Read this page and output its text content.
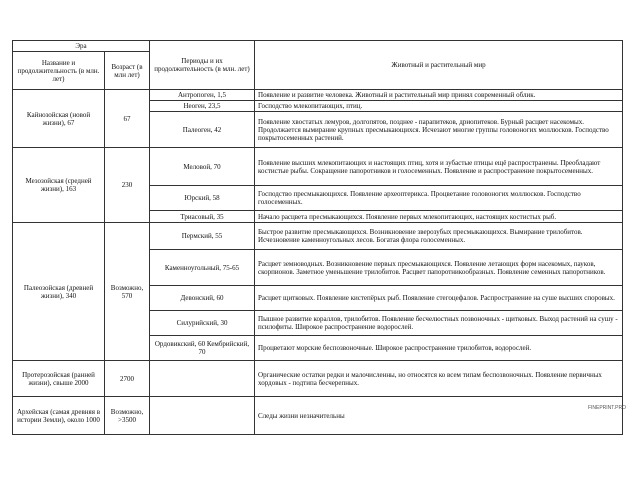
Эра		Периоды и их продолжительность (в млн. лет)	Животный и растительный мир
Название и продолжительность (в млн. лет)	Возраст (в млн лет)		
Кайнозойская (новой жизни), 67	67	Антропоген, 1,5	Появление и развитие человека. Животный и растительный мир принял современный облик.
		Неоген, 23,5	Господство млекопитающих, птиц.
		Палеоген, 42	Появление хвостатых лемуров, долгопятов, позднее - парапитеков, дриопитеков. Бурный расцвет насекомых. Продолжается вымирание крупных пресмыкающихся. Исчезают многие группы головоногих моллюсков. Господство покрытосеменных растений.
Мезозойская (средней жизни), 163	230	Меловой, 70	Появление высших млекопитающих и настоящих птиц, хотя и зубастые птицы ещё распространены. Преобладают костистые рыбы. Сокращение папоротников и голосеменных. Появление и распространение покрытосеменных.
		Юрский, 58	Господство пресмыкающихся. Появление археоптерикса. Процветание головоногих моллюсков. Господство голосеменных.
		Триасовый, 35	Начало расцвета пресмыкающихся. Появление первых млекопитающих, настоящих костистых рыб.
Палеозойская (древней жизни), 340	Возможно, 570	Пермский, 55	Быстрое развитие пресмыкающихся. Возникновение зверозубых пресмыкающихся. Вымирание трилобитов. Исчезновение каменноугольных лесов. Богатая флора голосеменных.
		Каменноугольный, 75-65	Расцвет земноводных. Возникновение первых пресмыкающихся. Появление летающих форм насекомых, пауков, скорпионов. Заметное уменьшение трилобитов. Расцвет папоротникообразных. Появление семенных папоротников.
		Девонский, 60	Расцвет щитковых. Появление кистепёрых рыб. Появление стегоцефалов. Распространение на суше высших споровых.
		Силурийский, 30	Пышное развитие кораллов, трилобитов. Появление бесчелюстных позвоночных - щитковых. Выход растений на сушу - псилофиты. Широкое распространение водорослей.
		Ордовикский, 60 Кембрийский, 70	Процветают морские беспозвоночные. Широкое распространение трилобитов, водорослей.
Протерозойская (ранней жизни), свыше 2000	2700		Органические остатки редки и малочисленны, но относятся ко всем типам беспозвоночных. Появление первичных хордовых - подтипа бесчерепных.
Архейская (самая древняя в истории Земли), около 1000	Возможно, >3500		Следы жизни незначительны
FINEPRINT.PRO
